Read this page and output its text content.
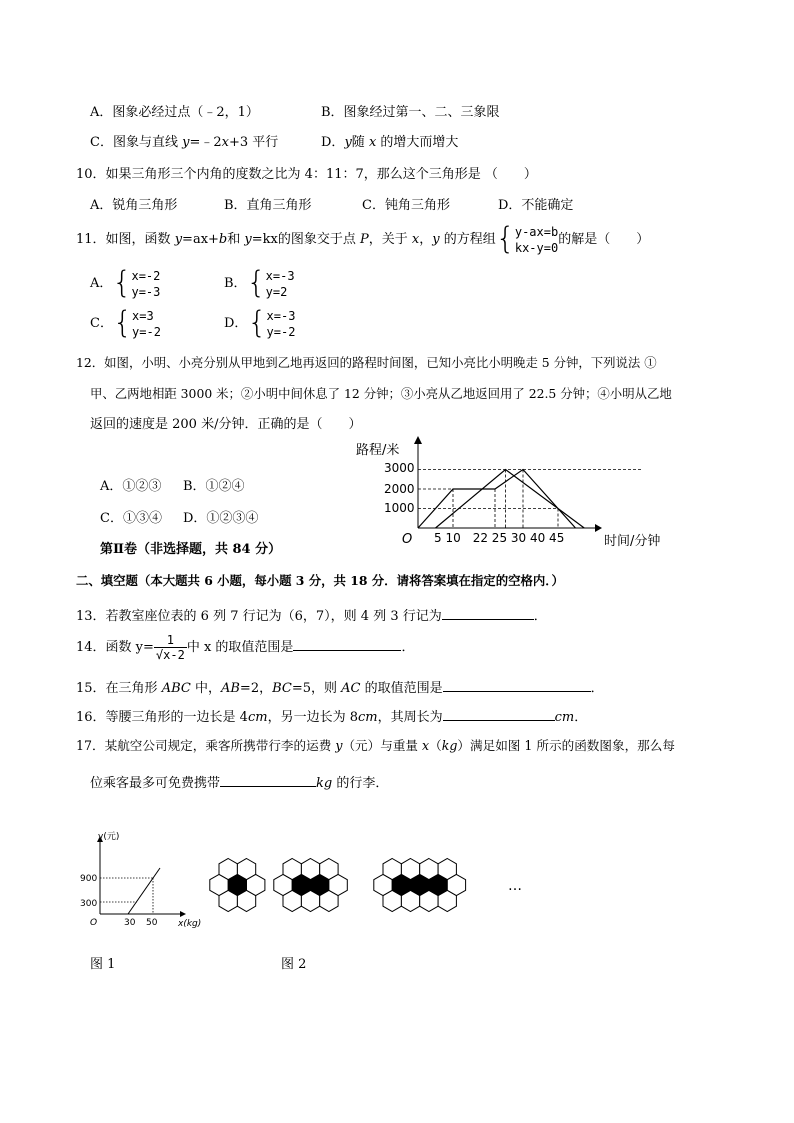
A．图象必经过点（﹣2，1）	B．图象经过第一、二、三象限
C．图象与直线 y=﹣2x+3 平行	D．y随 x 的增大而增大
10．如果三角形三个内角的度数之比为 4：11：7，那么这个三角形是 （　　）
A．锐角三角形	B．直角三角形	C．钝角三角形	D．不能确定
11．如图，函数 y=ax+b和 y=kx的图象交于点 P，关于 x，y 的方程组{ y-ax=b
kx-y=0
的解是（　　）
A．{ x=-2
y=-3
B．{ x=-3
y=2
C．{ x=3
y=-2
D．{ x=-3
y=-2
12．如图，小明、小亮分别从甲地到乙地再返回的路程时间图，已知小亮比小明晚走 5 分钟，下列说法 ①
甲、乙两地相距 3000 米；②小明中间休息了 12 分钟；③小亮从乙地返回用了 22.5 分钟；④小明从乙地
返回的速度是 200 米/分钟．正确的是（　　）
A．①②③ B．①②④
C．①③④ D．①②③④
路程/米
时间/分钟
O
3000
2000
1000
5 10　22 25 30 40 45
第Ⅱ卷（非选择题，共 84 分）
二、填空题（本大题共 6 小题，每小题 3 分，共 18 分．请将答案填在指定的空格内．）
13．若教室座位表的 6 列 7 行记为（6，7），则 4 列 3 行记为	．
14．函数 $y= \frac{1}{√x-2}$ 中 x 的取值范围是	．
15．在三角形 ABC 中，AB=2，BC=5，则 AC 的取值范围是	．
16．等腰三角形的一边长是 4cm，另一边长为 8cm，其周长为	cm．
17．某航空公司规定，乘客所携带行李的运费 y（元）与重量 x（kg）满足如图 1 所示的函数图象，那么每
位乘客最多可免费携带	kg 的行李．
y(元)
x(kg)
900
300
30 50
O
图 1
…
图 2
